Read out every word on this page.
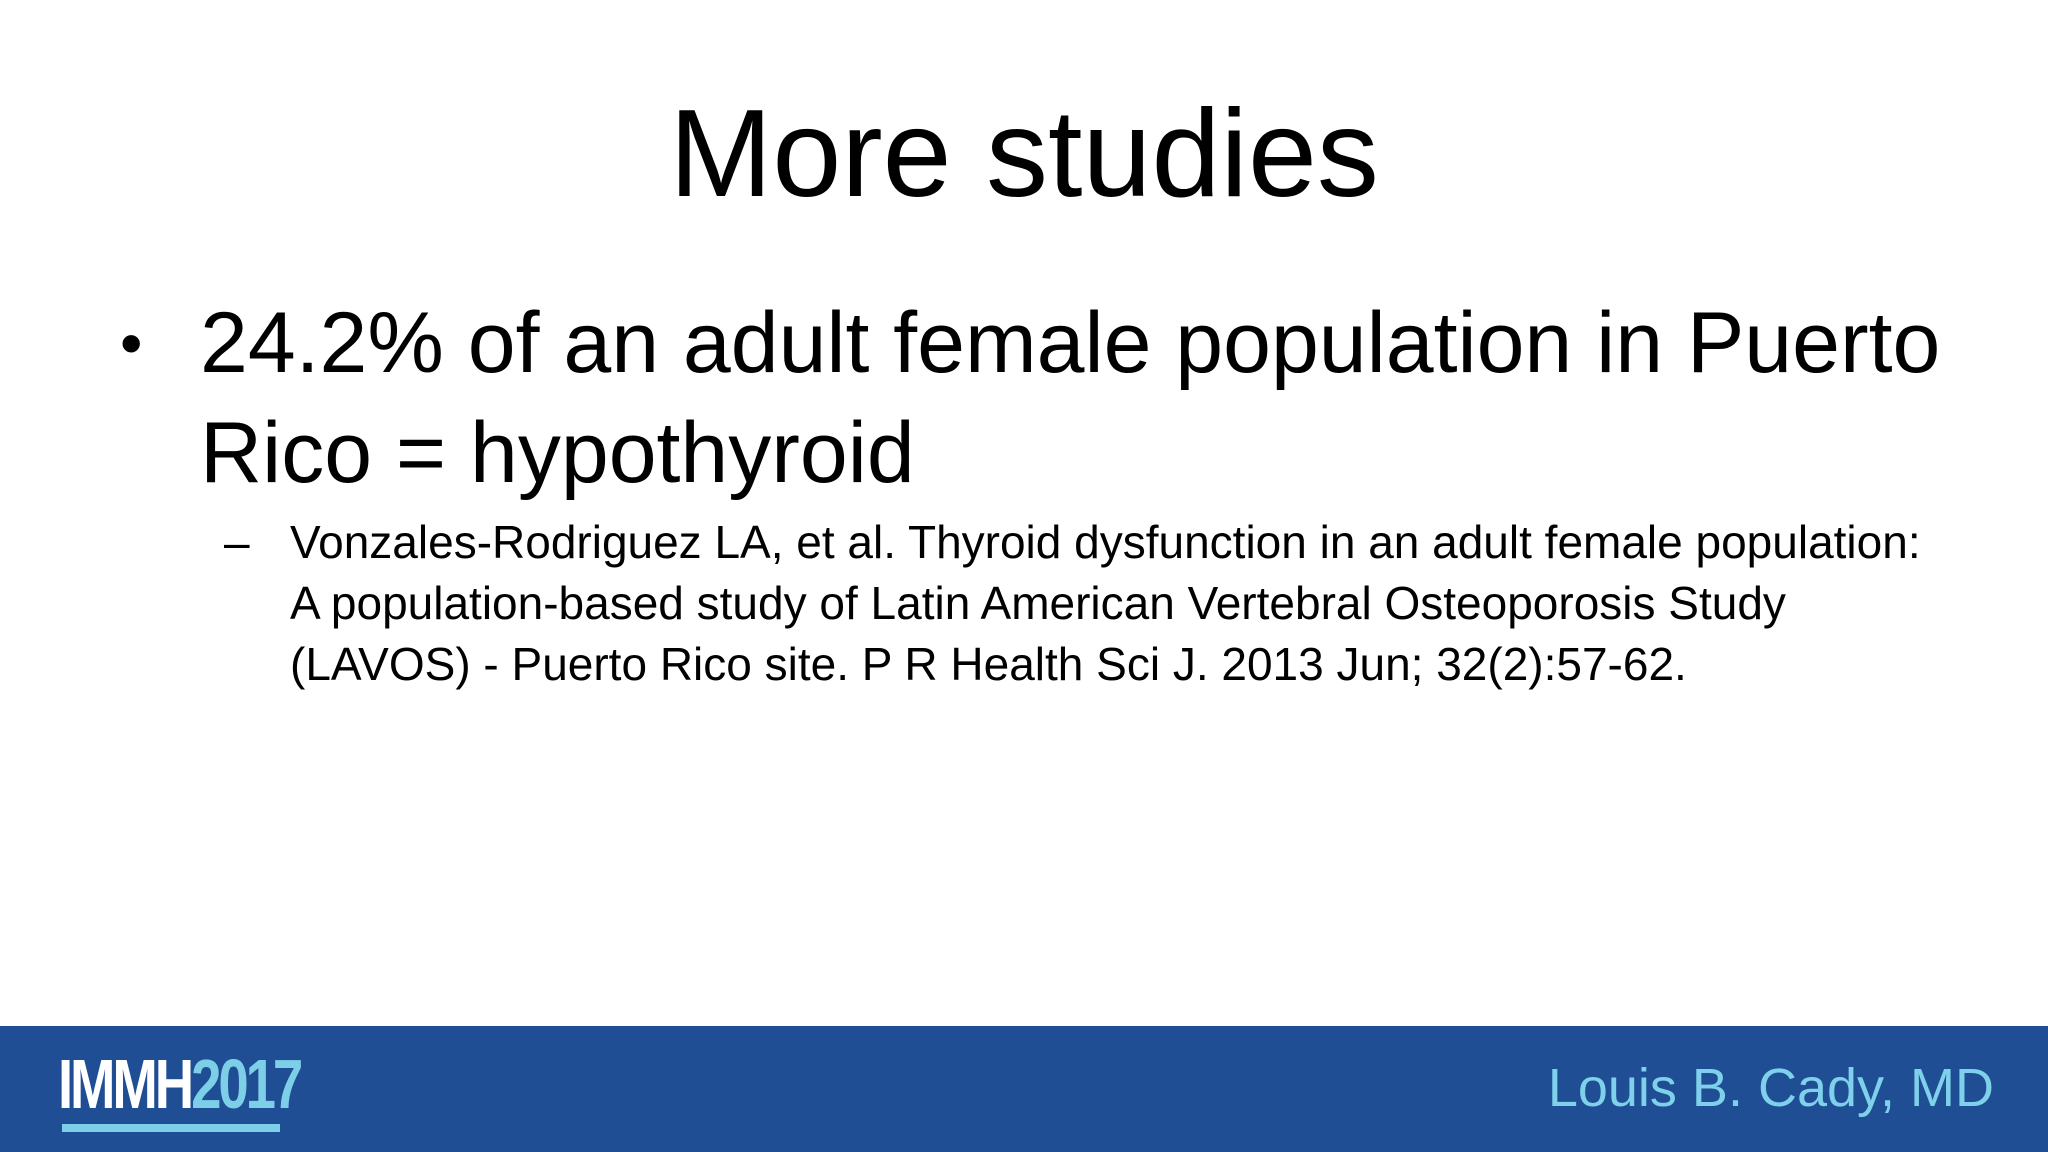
More studies
• 24.2% of an adult female population in Puerto Rico = hypothyroid
– Vonzales-Rodriguez LA, et al. Thyroid dysfunction in an adult female population: A population-based study of Latin American Vertebral Osteoporosis Study (LAVOS) - Puerto Rico site. P R Health Sci J. 2013 Jun; 32(2):57-62.
IMMH2017	Louis B. Cady, MD
